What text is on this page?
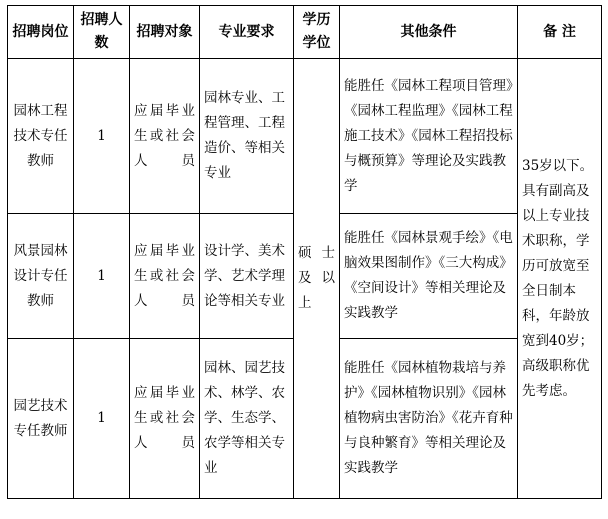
招聘岗位	招聘人数	招聘对象	专业要求	学历学位	其他条件	备 注
园林工程技术专任教师	1	应届毕业生或社会人员	园林专业、工程管理、工程造价、等相关专业	硕士及以上	能胜任《园林工程项目管理》《园林工程监理》《园林工程施工技术》《园林工程招投标与概预算》等理论及实践教学	35岁以下。具有副高及以上专业技术职称，学历可放宽至全日制本科，年龄放宽到40岁；高级职称优先考虑。
风景园林设计专任教师	1	应届毕业生或社会人员	设计学、美术学、艺术学理论等相关专业		能胜任《园林景观手绘》《电脑效果图制作》《三大构成》《空间设计》等相关理论及实践教学	
园艺技术专任教师	1	应届毕业生或社会人员	园林、园艺技术、林学、农学、生态学、农学等相关专业		能胜任《园林植物栽培与养护》《园林植物识别》《园林植物病虫害防治》《花卉育种与良种繁育》等相关理论及实践教学	
